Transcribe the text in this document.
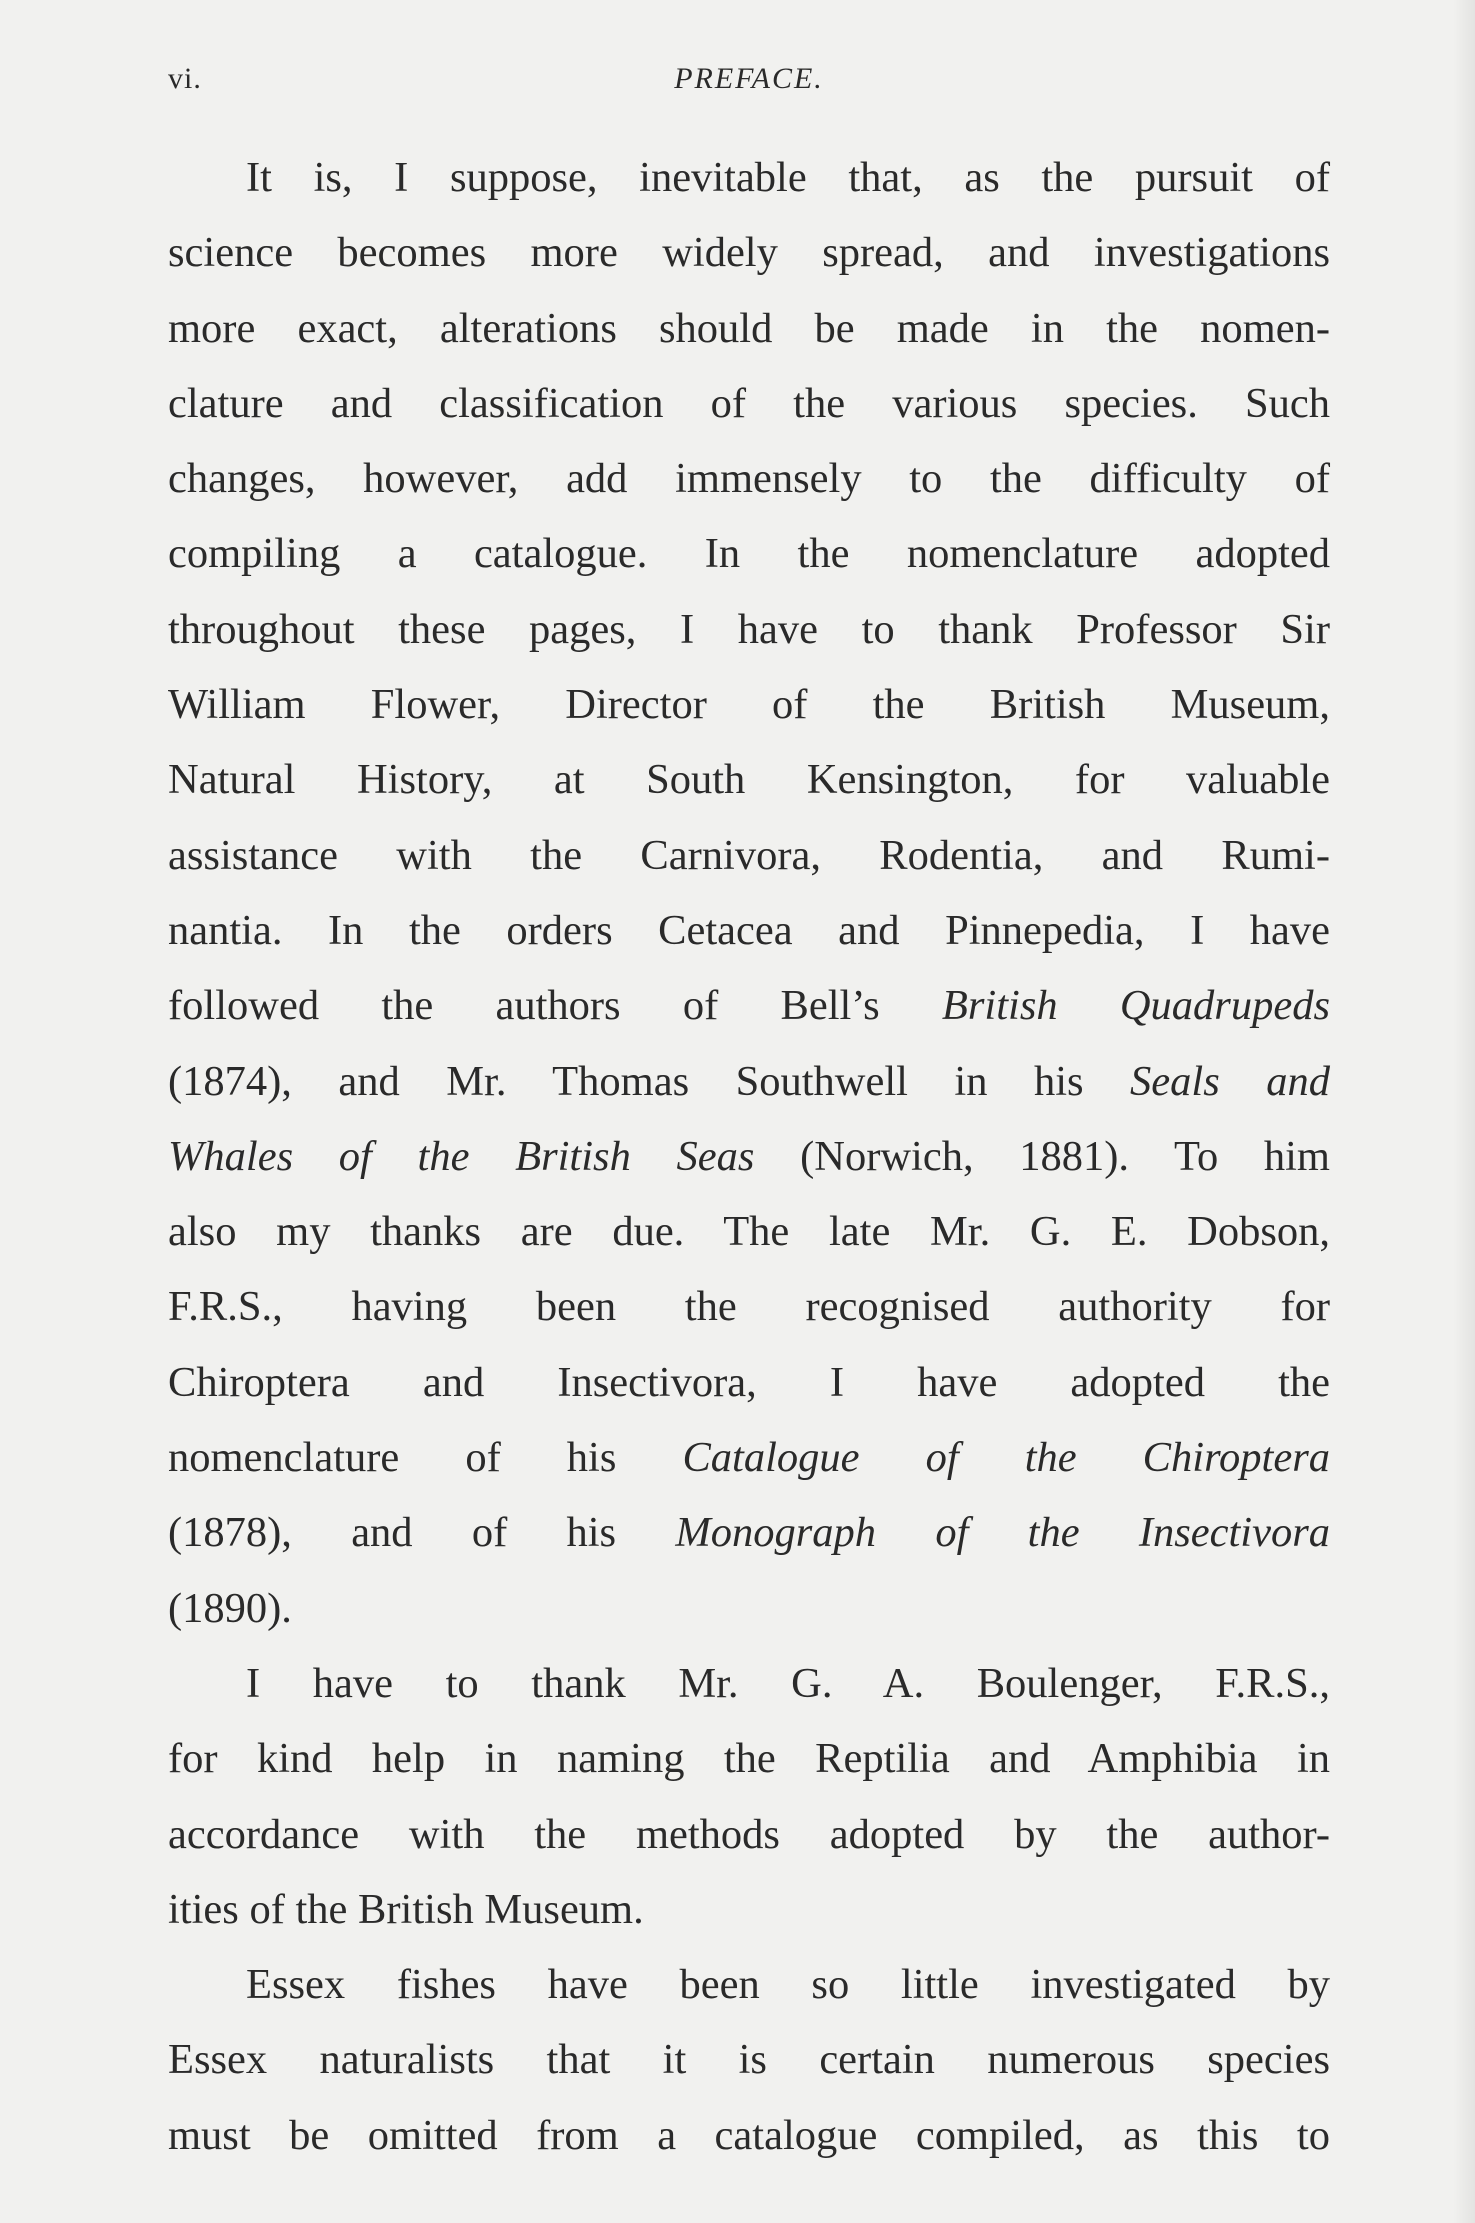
vi.	PREFACE.
It is, I suppose, inevitable that, as the pursuit of
science becomes more widely spread, and investigations
more exact, alterations should be made in the nomen-
clature and classification of the various species. Such
changes, however, add immensely to the difficulty of
compiling a catalogue. In the nomenclature adopted
throughout these pages, I have to thank Professor Sir
William Flower, Director of the British Museum,
Natural History, at South Kensington, for valuable
assistance with the Carnivora, Rodentia, and Rumi-
nantia. In the orders Cetacea and Pinnepedia, I have
followed the authors of Bell’s British Quadrupeds
(1874), and Mr. Thomas Southwell in his Seals and
Whales of the British Seas (Norwich, 1881). To him
also my thanks are due. The late Mr. G. E. Dobson,
F.R.S., having been the recognised authority for
Chiroptera and Insectivora, I have adopted the
nomenclature of his Catalogue of the Chiroptera
(1878), and of his Monograph of the Insectivora
(1890).
I have to thank Mr. G. A. Boulenger, F.R.S.,
for kind help in naming the Reptilia and Amphibia in
accordance with the methods adopted by the author-
ities of the British Museum.
Essex fishes have been so little investigated by
Essex naturalists that it is certain numerous species
must be omitted from a catalogue compiled, as this to
